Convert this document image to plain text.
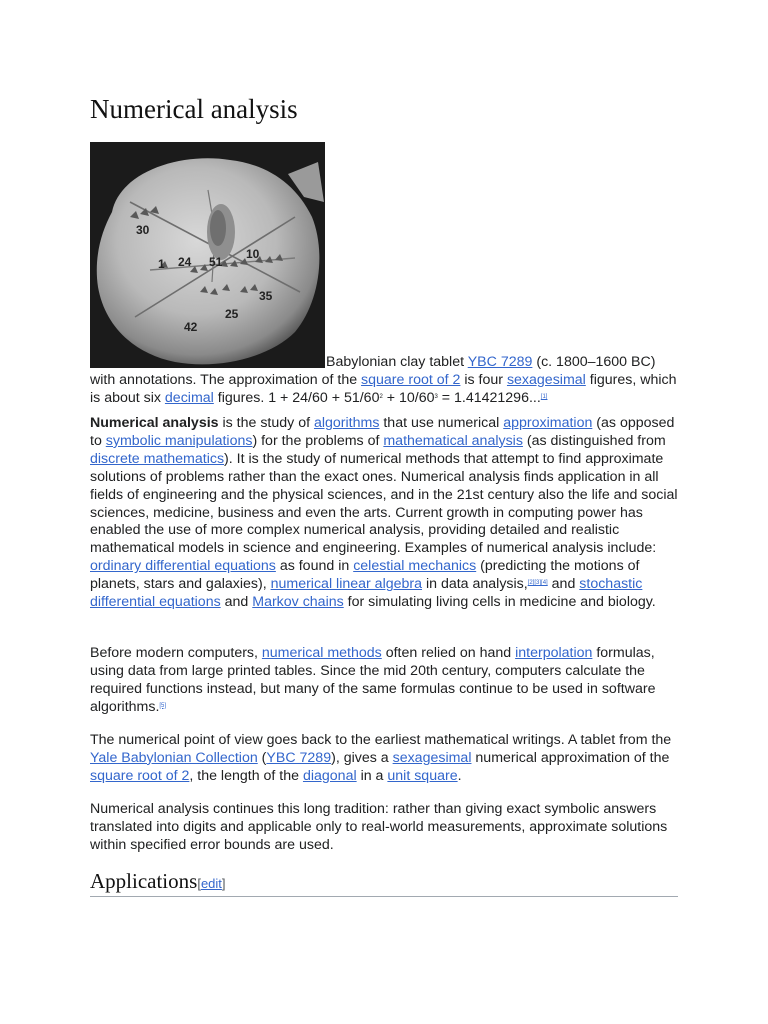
Numerical analysis
30
1 24 51
10
35
25
42

Babylonian clay tablet YBC 7289 (c. 1800–1600 BC) with annotations. The approximation of the square root of 2 is four sexagesimal figures, which is about six decimal figures. $1 + 24/60 + 51/60^2 + 10/60^3 = 1.41421296...[1]$

Numerical analysis is the study of algorithms that use numerical approximation (as opposed to symbolic manipulations) for the problems of mathematical analysis (as distinguished from discrete mathematics). It is the study of numerical methods that attempt to find approximate solutions of problems rather than the exact ones. Numerical analysis finds application in all fields of engineering and the physical sciences, and in the 21st century also the life and social sciences, medicine, business and even the arts. Current growth in computing power has enabled the use of more complex numerical analysis, providing detailed and realistic mathematical models in science and engineering. Examples of numerical analysis include: ordinary differential equations as found in celestial mechanics (predicting the motions of planets, stars and galaxies), numerical linear algebra in data analysis,[2][3][4] and stochastic differential equations and Markov chains for simulating living cells in medicine and biology.

Before modern computers, numerical methods often relied on hand interpolation formulas, using data from large printed tables. Since the mid 20th century, computers calculate the required functions instead, but many of the same formulas continue to be used in software algorithms.[5]

The numerical point of view goes back to the earliest mathematical writings. A tablet from the Yale Babylonian Collection (YBC 7289), gives a sexagesimal numerical approximation of the square root of 2, the length of the diagonal in a unit square.

Numerical analysis continues this long tradition: rather than giving exact symbolic answers translated into digits and applicable only to real-world measurements, approximate solutions within specified error bounds are used.

Applications[edit]
